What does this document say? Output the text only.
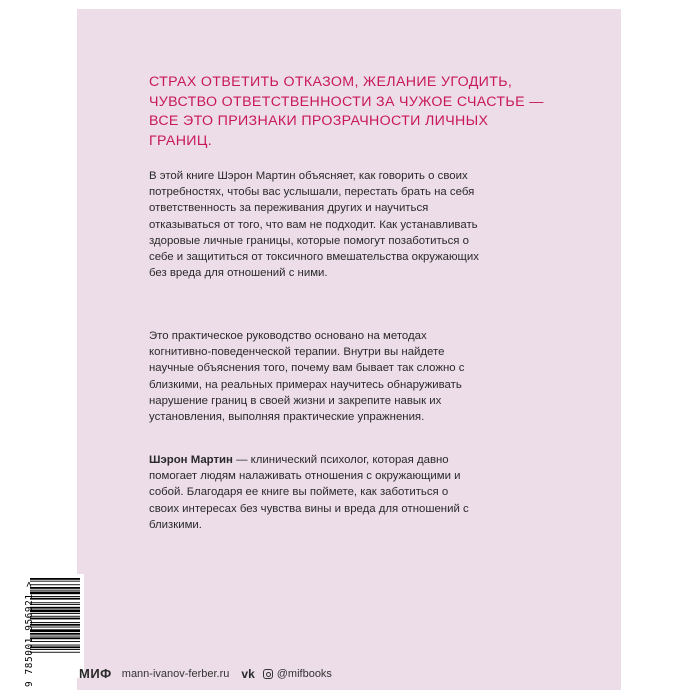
СТРАХ ОТВЕТИТЬ ОТКАЗОМ, ЖЕЛАНИЕ УГОДИТЬ, ЧУВСТВО ОТВЕТСТВЕННОСТИ ЗА ЧУЖОЕ СЧАСТЬЕ — ВСЕ ЭТО ПРИЗНАКИ ПРОЗРАЧНОСТИ ЛИЧНЫХ ГРАНИЦ.

В этой книге Шэрон Мартин объясняет, как говорить о своих потребностях, чтобы вас услышали, перестать брать на себя ответственность за переживания других и научиться отказываться от того, что вам не подходит. Как устанавливать здоровые личные границы, которые помогут позаботиться о себе и защититься от токсичного вмешательства окружающих без вреда для отношений с ними.

Это практическое руководство основано на методах когнитивно-поведенческой терапии. Внутри вы найдете научные объяснения того, почему вам бывает так сложно с близкими, на реальных примерах научитесь обнаруживать нарушение границ в своей жизни и закрепите навык их установления, выполняя практические упражнения.

Шэрон Мартин — клинический психолог, которая давно помогает людям налаживать отношения с окружающими и собой. Благодаря ее книге вы поймете, как заботиться о своих интересах без чувства вины и вреда для отношений с близкими.

9 785001 956921 >	МИФ mann-ivanov-ferber.ru vk @mifbooks
